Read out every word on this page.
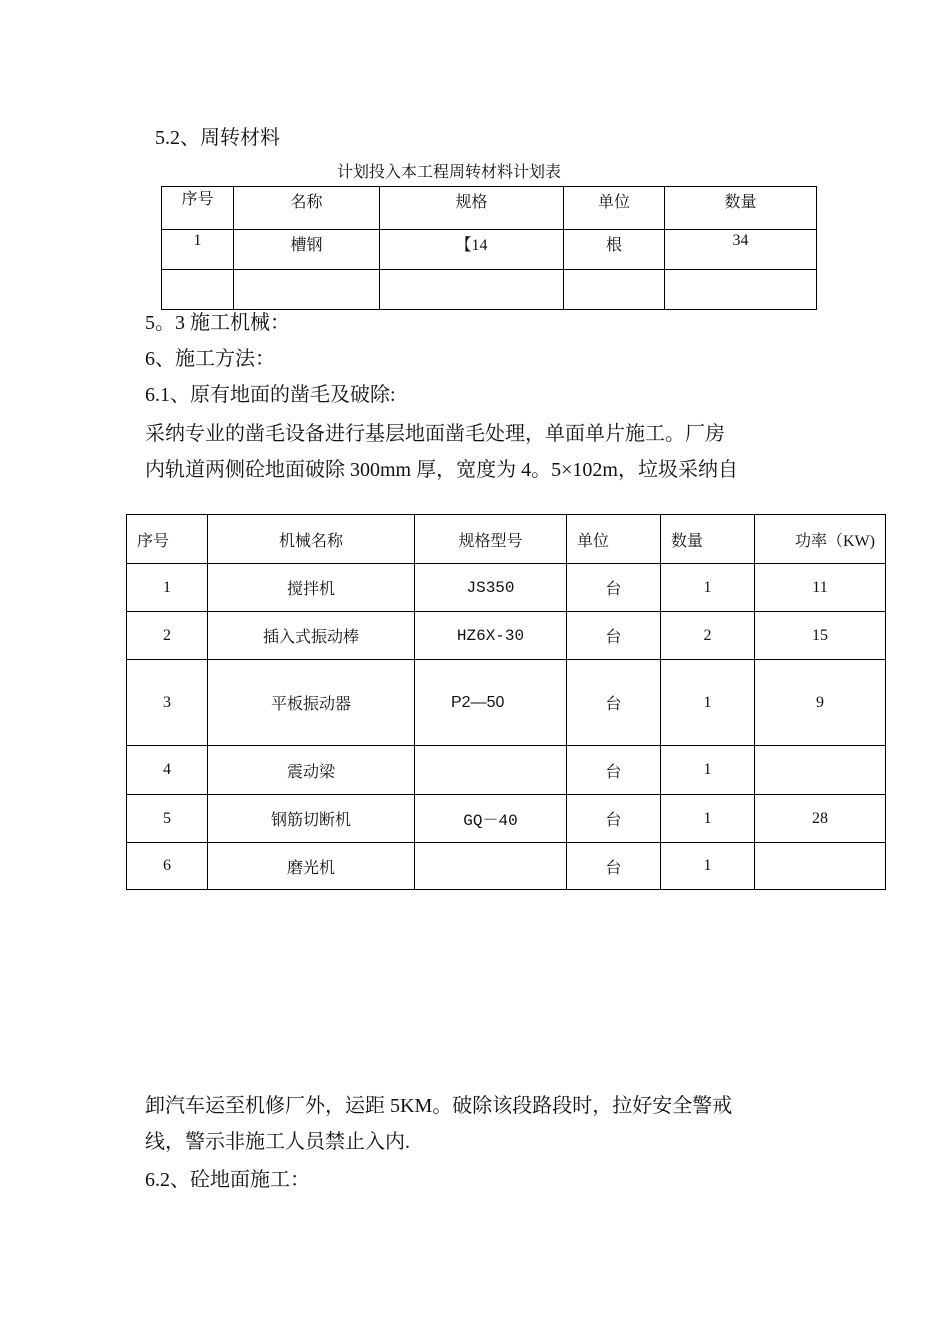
5.2、周转材料
计划投入本工程周转材料计划表
序号	名称	规格	单位	数量
1	槽钢	【14	根	34

5。3 施工机械：
6、施工方法：
6.1、原有地面的凿毛及破除:
采纳专业的凿毛设备进行基层地面凿毛处理，单面单片施工。厂房
内轨道两侧砼地面破除 300mm 厚，宽度为 4。5×102m，垃圾采纳自
序号	机械名称	规格型号	单位	数量	功率（KW)
1	搅拌机	JS350	台	1	11
2	插入式振动棒	HZ6X-30	台	2	15
3	平板振动器	P2—50	台	1	9
4	震动梁		台	1	
5	钢筋切断机	GQ－40	台	1	28
6	磨光机		台	1	
卸汽车运至机修厂外，运距 5KM。破除该段路段时，拉好安全警戒
线，警示非施工人员禁止入内.
6.2、砼地面施工：
